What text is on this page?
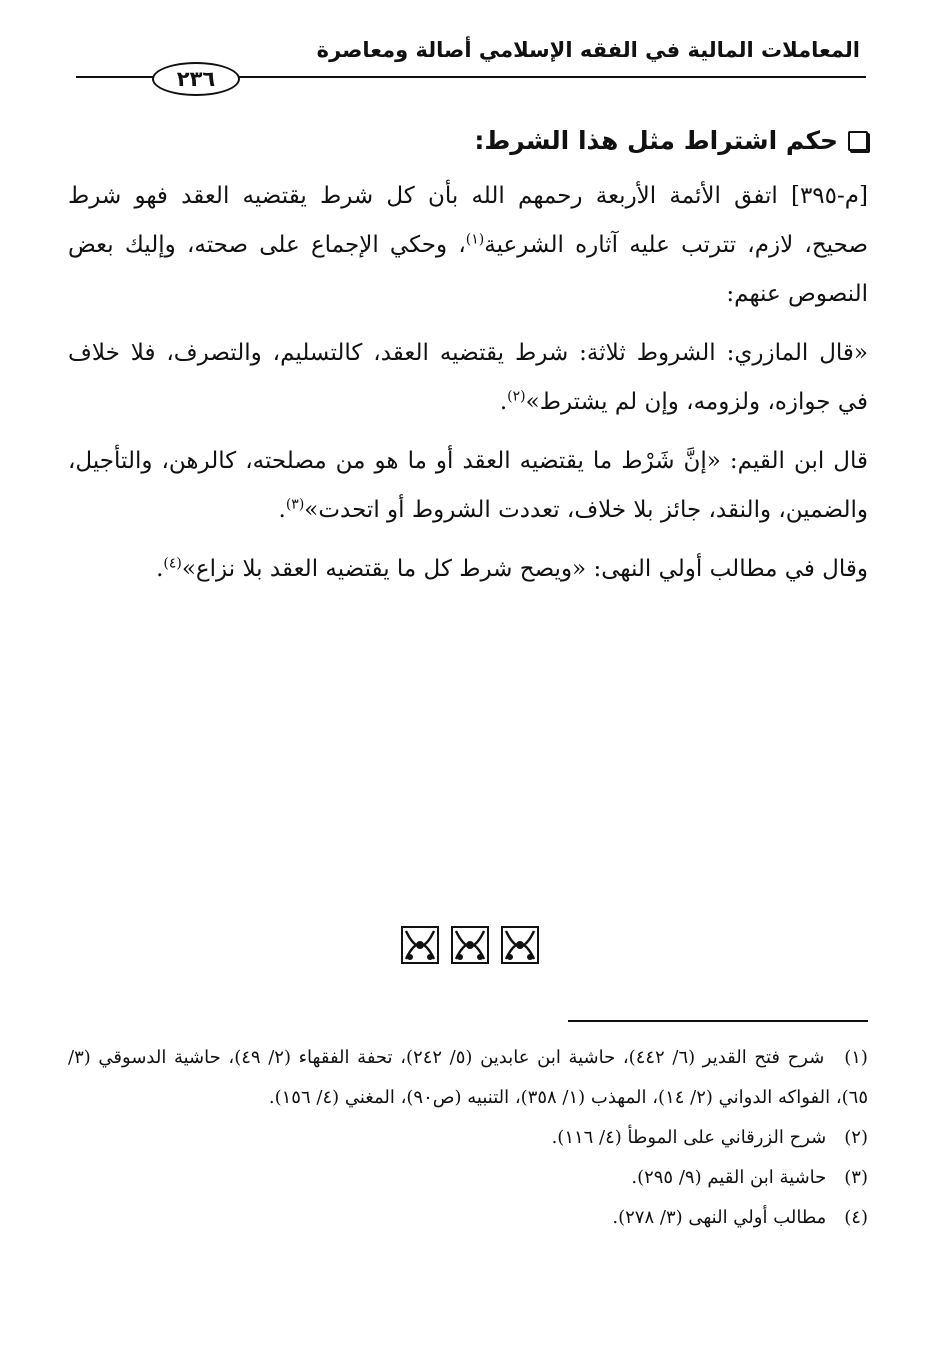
المعاملات المالية في الفقه الإسلامي أصالة ومعاصرة
٢٣٦
حكم اشتراط مثل هذا الشرط:

[م-٣٩٥] اتفق الأئمة الأربعة رحمهم الله بأن كل شرط يقتضيه العقد فهو شرط صحيح، لازم، تترتب عليه آثاره الشرعية$^{(١)}$، وحكي الإجماع على صحته، وإليك بعض النصوص عنهم:

«قال المازري: الشروط ثلاثة: شرط يقتضيه العقد، كالتسليم، والتصرف، فلا خلاف في جوازه، ولزومه، وإن لم يشترط»$^{(٢)}$.

قال ابن القيم: «إنَّ شَرْط ما يقتضيه العقد أو ما هو من مصلحته، كالرهن، والتأجيل، والضمين، والنقد، جائز بلا خلاف، تعددت الشروط أو اتحدت»$^{(٣)}$.

وقال في مطالب أولي النهى: «ويصح شرط كل ما يقتضيه العقد بلا نزاع»$^{(٤)}$.

(١) شرح فتح القدير (٦/ ٤٤٢)، حاشية ابن عابدين (٥/ ٢٤٢)، تحفة الفقهاء (٢/ ٤٩)، حاشية الدسوقي (٣/ ٦٥)، الفواكه الدواني (٢/ ١٤)، المهذب (١/ ٣٥٨)، التنبيه (ص٩٠)، المغني (٤/ ١٥٦).

(٢) شرح الزرقاني على الموطأ (٤/ ١١٦).

(٣) حاشية ابن القيم (٩/ ٢٩٥).

(٤) مطالب أولي النهى (٣/ ٢٧٨).
